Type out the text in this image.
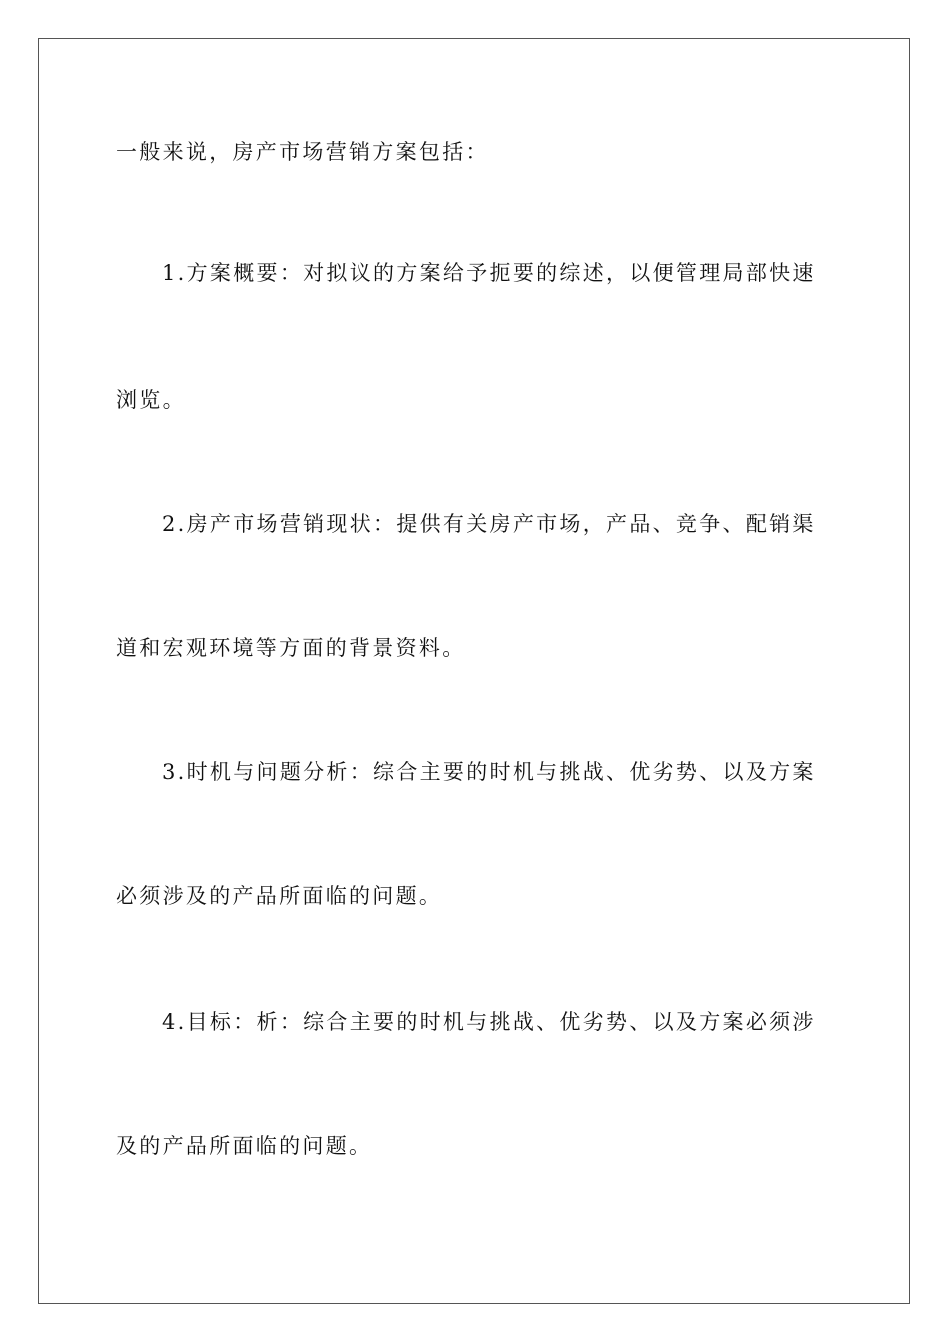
一般来说，房产市场营销方案包括：
1.方案概要：对拟议的方案给予扼要的综述，以便管理局部快速
浏览。
2.房产市场营销现状：提供有关房产市场，产品、竞争、配销渠
道和宏观环境等方面的背景资料。
3.时机与问题分析：综合主要的时机与挑战、优劣势、以及方案
必须涉及的产品所面临的问题。
4.目标：析：综合主要的时机与挑战、优劣势、以及方案必须涉
及的产品所面临的问题。
